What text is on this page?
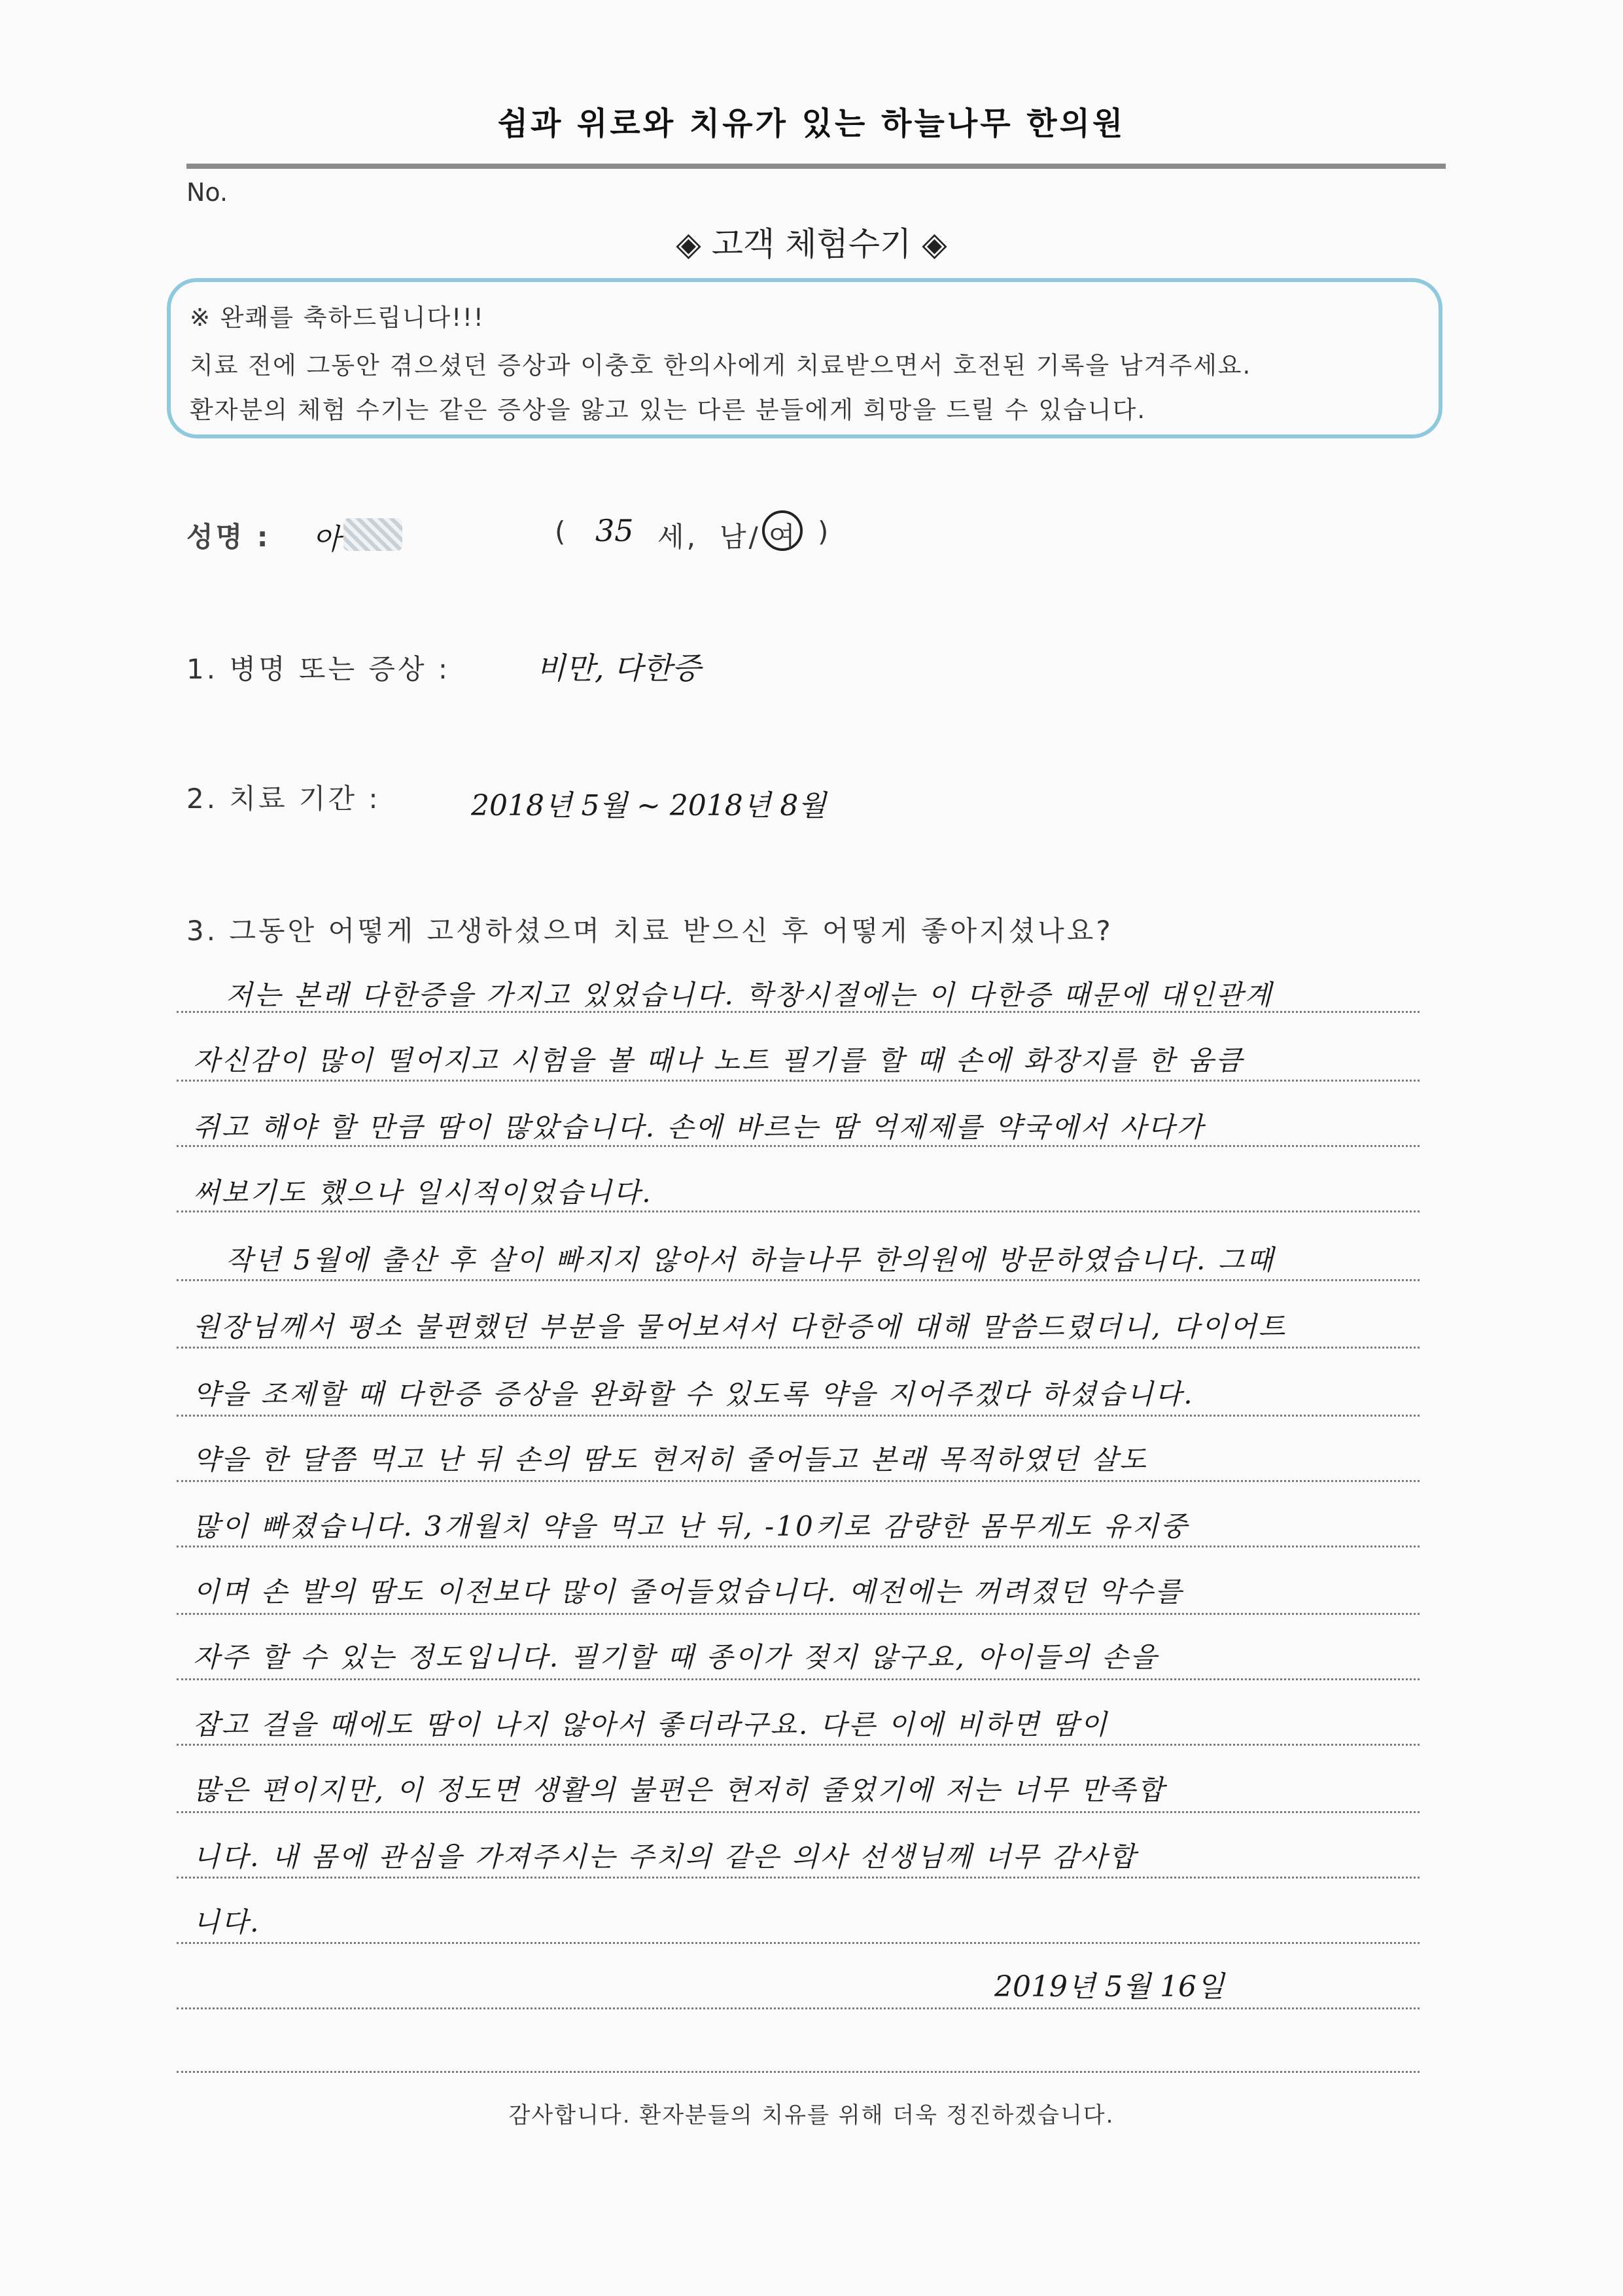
쉼과 위로와 치유가 있는 하늘나무 한의원
No.
◈ 고객 체험수기 ◈
※ 완쾌를 축하드립니다!!!
치료 전에 그동안 겪으셨던 증상과 이충호 한의사에게 치료받으면서 호전된 기록을 남겨주세요.
환자분의 체험 수기는 같은 증상을 앓고 있는 다른 분들에게 희망을 드릴 수 있습니다.
성명 : 아	( 35 세, 남/ 여 )
1. 병명 또는 증상 :	비만, 다한증
2. 치료 기간 :	2018년 5월 ~ 2018년 8월
3. 그동안 어떻게 고생하셨으며 치료 받으신 후 어떻게 좋아지셨나요?
저는 본래 다한증을 가지고 있었습니다. 학창시절에는 이 다한증 때문에 대인관계
자신감이 많이 떨어지고 시험을 볼 때나 노트 필기를 할 때 손에 화장지를 한 움큼
쥐고 해야 할 만큼 땀이 많았습니다. 손에 바르는 땀 억제제를 약국에서 사다가
써보기도 했으나 일시적이었습니다.
작년 5월에 출산 후 살이 빠지지 않아서 하늘나무 한의원에 방문하였습니다. 그때
원장님께서 평소 불편했던 부분을 물어보셔서 다한증에 대해 말씀드렸더니, 다이어트
약을 조제할 때 다한증 증상을 완화할 수 있도록 약을 지어주겠다 하셨습니다.
약을 한 달쯤 먹고 난 뒤 손의 땀도 현저히 줄어들고 본래 목적하였던 살도
많이 빠졌습니다. 3개월치 약을 먹고 난 뒤, -10키로 감량한 몸무게도 유지중
이며 손 발의 땀도 이전보다 많이 줄어들었습니다. 예전에는 꺼려졌던 악수를
자주 할 수 있는 정도입니다. 필기할 때 종이가 젖지 않구요, 아이들의 손을
잡고 걸을 때에도 땀이 나지 않아서 좋더라구요. 다른 이에 비하면 땀이
많은 편이지만, 이 정도면 생활의 불편은 현저히 줄었기에 저는 너무 만족합
니다. 내 몸에 관심을 가져주시는 주치의 같은 의사 선생님께 너무 감사합
니다.
2019년 5월 16일
감사합니다. 환자분들의 치유를 위해 더욱 정진하겠습니다.
